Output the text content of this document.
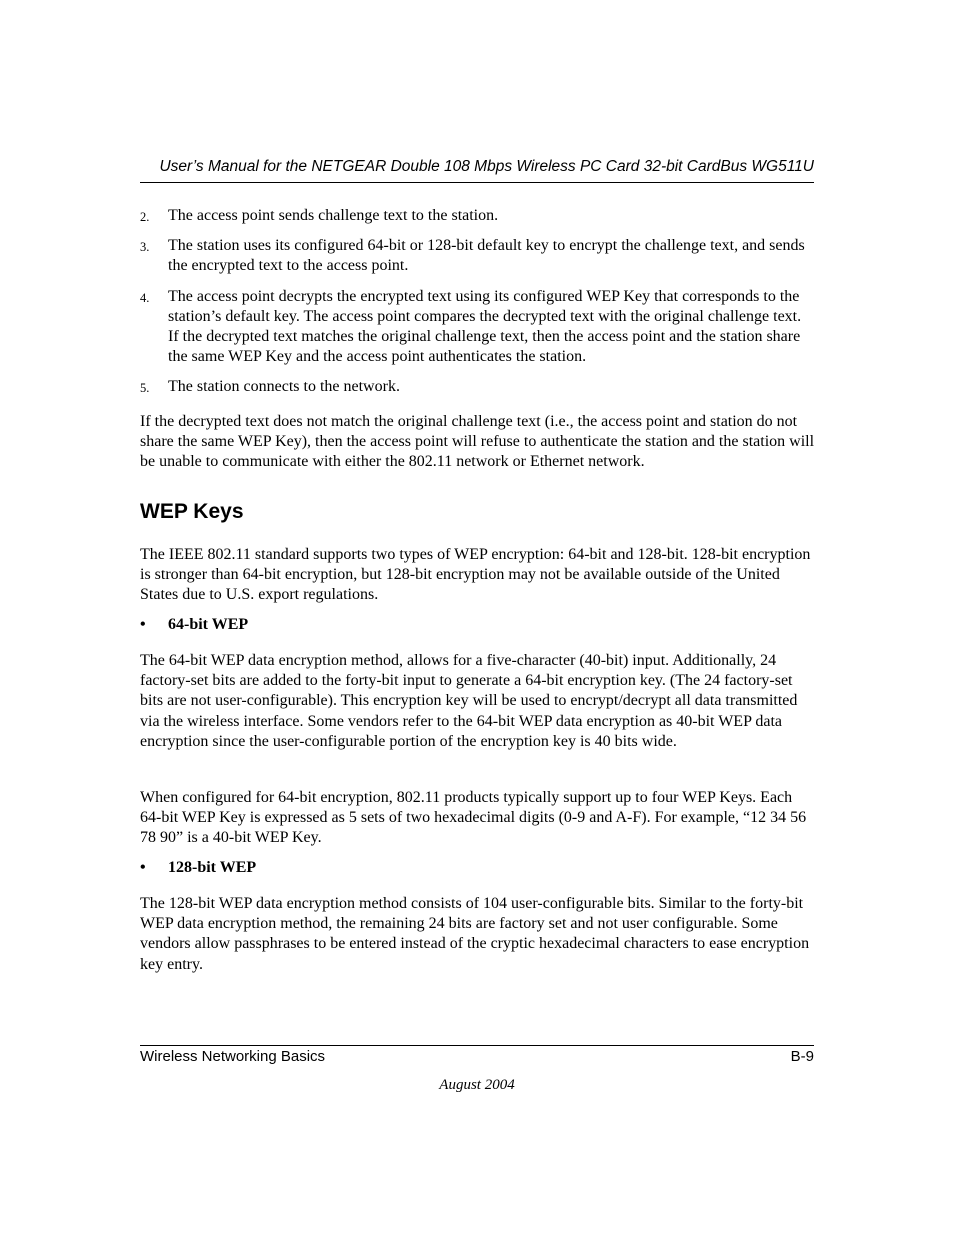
User’s Manual for the NETGEAR Double 108 Mbps Wireless PC Card 32-bit CardBus WG511U
2. The access point sends challenge text to the station.
3. The station uses its configured 64-bit or 128-bit default key to encrypt the challenge text, and sends the encrypted text to the access point.
4. The access point decrypts the encrypted text using its configured WEP Key that corresponds to the station’s default key. The access point compares the decrypted text with the original challenge text. If the decrypted text matches the original challenge text, then the access point and the station share the same WEP Key and the access point authenticates the station.
5. The station connects to the network.

If the decrypted text does not match the original challenge text (i.e., the access point and station do not share the same WEP Key), then the access point will refuse to authenticate the station and the station will be unable to communicate with either the 802.11 network or Ethernet network.

WEP Keys

The IEEE 802.11 standard supports two types of WEP encryption: 64-bit and 128-bit. 128-bit encryption is stronger than 64-bit encryption, but 128-bit encryption may not be available outside of the United States due to U.S. export regulations.

• 64-bit WEP

The 64-bit WEP data encryption method, allows for a five-character (40-bit) input. Additionally, 24 factory-set bits are added to the forty-bit input to generate a 64-bit encryption key. (The 24 factory-set bits are not user-configurable). This encryption key will be used to encrypt/decrypt all data transmitted via the wireless interface. Some vendors refer to the 64-bit WEP data encryption as 40-bit WEP data encryption since the user-configurable portion of the encryption key is 40 bits wide.

When configured for 64-bit encryption, 802.11 products typically support up to four WEP Keys. Each 64-bit WEP Key is expressed as 5 sets of two hexadecimal digits (0-9 and A-F). For example, “12 34 56 78 90” is a 40-bit WEP Key.

• 128-bit WEP

The 128-bit WEP data encryption method consists of 104 user-configurable bits. Similar to the forty-bit WEP data encryption method, the remaining 24 bits are factory set and not user configurable. Some vendors allow passphrases to be entered instead of the cryptic hexadecimal characters to ease encryption key entry.

Wireless Networking Basics	B-9
August 2004
